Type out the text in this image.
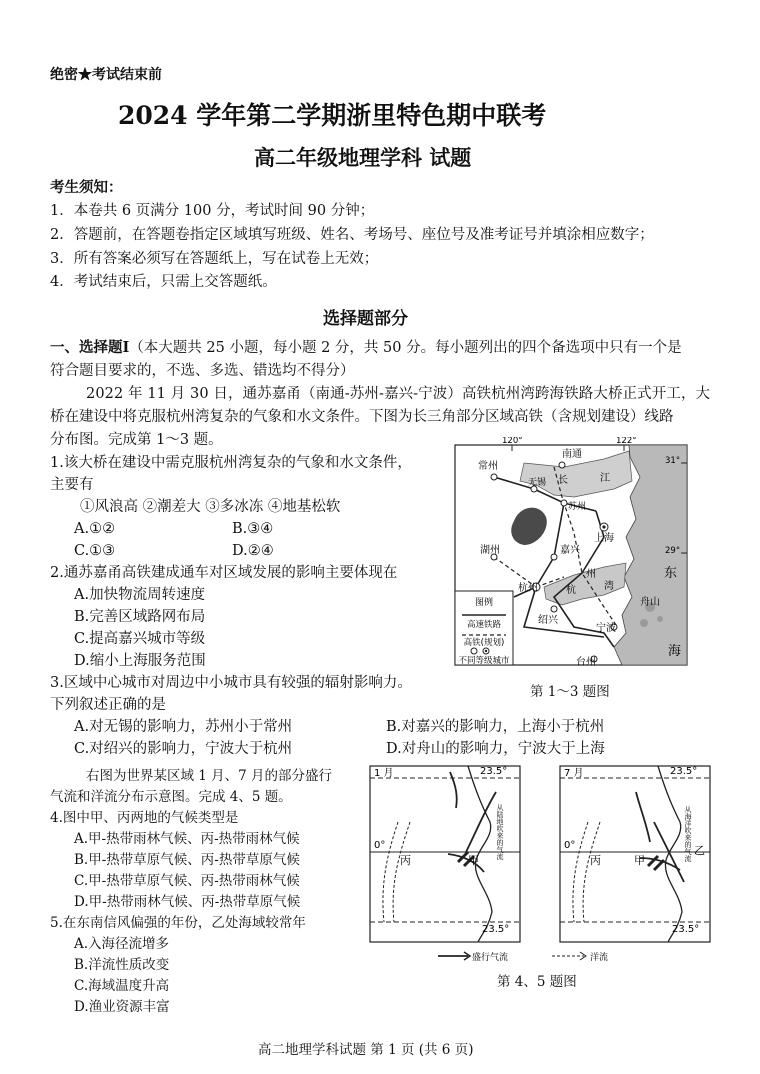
绝密★考试结束前
2024 学年第二学期浙里特色期中联考
高二年级地理学科 试题
考生须知：
1．本卷共 6 页满分 100 分，考试时间 90 分钟；
2．答题前，在答题卷指定区域填写班级、姓名、考场号、座位号及准考证号并填涂相应数字；
3．所有答案必须写在答题纸上，写在试卷上无效；
4．考试结束后，只需上交答题纸。
选择题部分
一、选择题Ⅰ（本大题共 25 小题，每小题 2 分，共 50 分。每小题列出的四个备选项中只有一个是
符合题目要求的，不选、多选、错选均不得分）
2022 年 11 月 30 日，通苏嘉甬（南通-苏州-嘉兴-宁波）高铁杭州湾跨海铁路大桥正式开工，大
桥在建设中将克服杭州湾复杂的气象和水文条件。下图为长三角部分区域高铁（含规划建设）线路
分布图。完成第 1～3 题。
1.该大桥在建设中需克服杭州湾复杂的气象和水文条件，
主要有
①风浪高 ②潮差大 ③多冰冻 ④地基松软
A.①②	B.③④
C.①③	D.②④
2.通苏嘉甬高铁建成通车对区域发展的影响主要体现在
A.加快物流周转速度
B.完善区域路网布局
C.提高嘉兴城市等级
D.缩小上海服务范围
3.区域中心城市对周边中小城市具有较强的辐射影响力。
下列叙述正确的是
A.对无锡的影响力，苏州小于常州	B.对嘉兴的影响力，上海小于杭州
C.对绍兴的影响力，宁波大于杭州	D.对舟山的影响力，宁波大于上海
右图为世界某区域 1 月、7 月的部分盛行
气流和洋流分布示意图。完成 4、5 题。
4.图中甲、丙两地的气候类型是
A.甲-热带雨林气候、丙-热带雨林气候
B.甲-热带草原气候、丙-热带草原气候
C.甲-热带草原气候、丙-热带雨林气候
D.甲-热带雨林气候、丙-热带草原气候
5.在东南信风偏强的年份，乙处海域较常年
A.入海径流增多
B.洋流性质改变
C.海域温度升高
D.渔业资源丰富
图例
高速铁路
高铁(规划)
不同等级城市
120°	122°
31°
29°
南通
常州
无锡
苏州
上海
湖州	嘉兴
杭州
绍兴
宁波
舟山
台州
长	江
杭
州
湾
东
海
第 1～3 题图
1 月	23.5°
0°
丙	甲
23.5°
从陆地吹来的气流
7 月	23.5°
0°
丙	甲
乙
23.5°
从海洋吹来的气流
盛行气流	洋流
第 4、5 题图
高二地理学科试题 第 1 页 (共 6 页)
